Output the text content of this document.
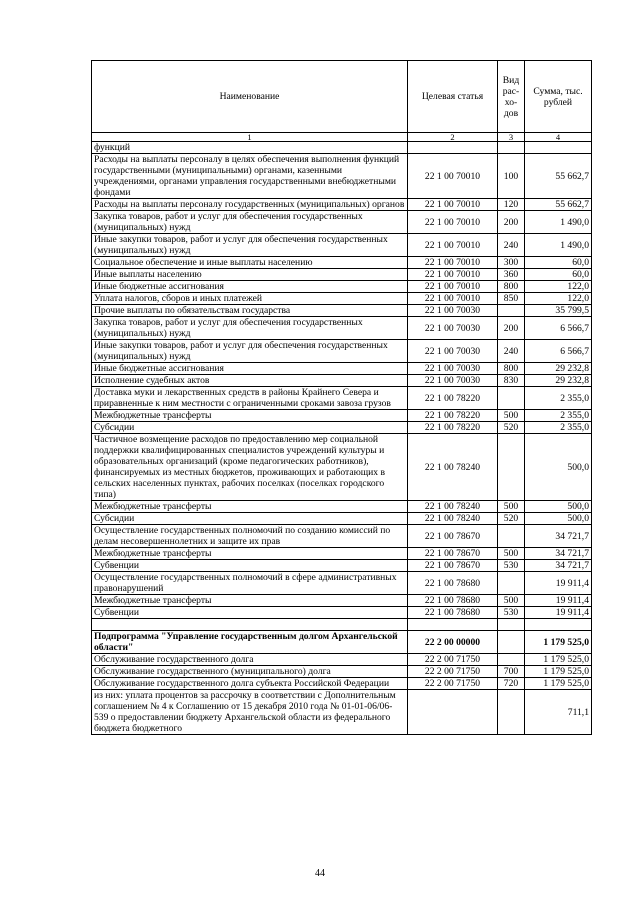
Наименование	Целевая статья	Вид рас-хо-дов	Сумма, тыс. рублей
1	2	3	4
функций			
Расходы на выплаты персоналу в целях обеспечения выполнения функций государственными (муниципальными) органами, казенными учреждениями, органами управления государственными внебюджетными фондами	22 1 00 70010	100	55 662,7
Расходы на выплаты персоналу государственных (муниципальных) органов	22 1 00 70010	120	55 662,7
Закупка товаров, работ и услуг для обеспечения государственных (муниципальных) нужд	22 1 00 70010	200	1 490,0
Иные закупки товаров, работ и услуг для обеспечения государственных (муниципальных) нужд	22 1 00 70010	240	1 490,0
Социальное обеспечение и иные выплаты населению	22 1 00 70010	300	60,0
Иные выплаты населению	22 1 00 70010	360	60,0
Иные бюджетные ассигнования	22 1 00 70010	800	122,0
Уплата налогов, сборов и иных платежей	22 1 00 70010	850	122,0
Прочие выплаты по обязательствам государства	22 1 00 70030		35 799,5
Закупка товаров, работ и услуг для обеспечения государственных (муниципальных) нужд	22 1 00 70030	200	6 566,7
Иные закупки товаров, работ и услуг для обеспечения государственных (муниципальных) нужд	22 1 00 70030	240	6 566,7
Иные бюджетные ассигнования	22 1 00 70030	800	29 232,8
Исполнение судебных актов	22 1 00 70030	830	29 232,8
Доставка муки и лекарственных средств в районы Крайнего Севера и приравненные к ним местности с ограниченными сроками завоза грузов	22 1 00 78220		2 355,0
Межбюджетные трансферты	22 1 00 78220	500	2 355,0
Субсидии	22 1 00 78220	520	2 355,0
Частичное возмещение расходов по предоставлению мер социальной поддержки квалифицированных специалистов учреждений культуры и образовательных организаций (кроме педагогических работников), финансируемых из местных бюджетов, проживающих и работающих в сельских населенных пунктах, рабочих поселках (поселках городского типа)	22 1 00 78240		500,0
Межбюджетные трансферты	22 1 00 78240	500	500,0
Субсидии	22 1 00 78240	520	500,0
Осуществление государственных полномочий по созданию комиссий по делам несовершеннолетних и защите их прав	22 1 00 78670		34 721,7
Межбюджетные трансферты	22 1 00 78670	500	34 721,7
Субвенции	22 1 00 78670	530	34 721,7
Осуществление государственных полномочий в сфере административных правонарушений	22 1 00 78680		19 911,4
Межбюджетные трансферты	22 1 00 78680	500	19 911,4
Субвенции	22 1 00 78680	530	19 911,4

Подпрограмма "Управление государственным долгом Архангельской области"	22 2 00 00000		1 179 525,0
Обслуживание государственного долга	22 2 00 71750		1 179 525,0
Обслуживание государственного (муниципального) долга	22 2 00 71750	700	1 179 525,0
Обслуживание государственного долга субъекта Российской Федерации	22 2 00 71750	720	1 179 525,0
из них: уплата процентов за рассрочку в соответствии с Дополнительным соглашением № 4 к Соглашению от 15 декабря 2010 года № 01-01-06/06-539 о предоставлении бюджету Архангельской области из федерального бюджета бюджетного			711,1
44
